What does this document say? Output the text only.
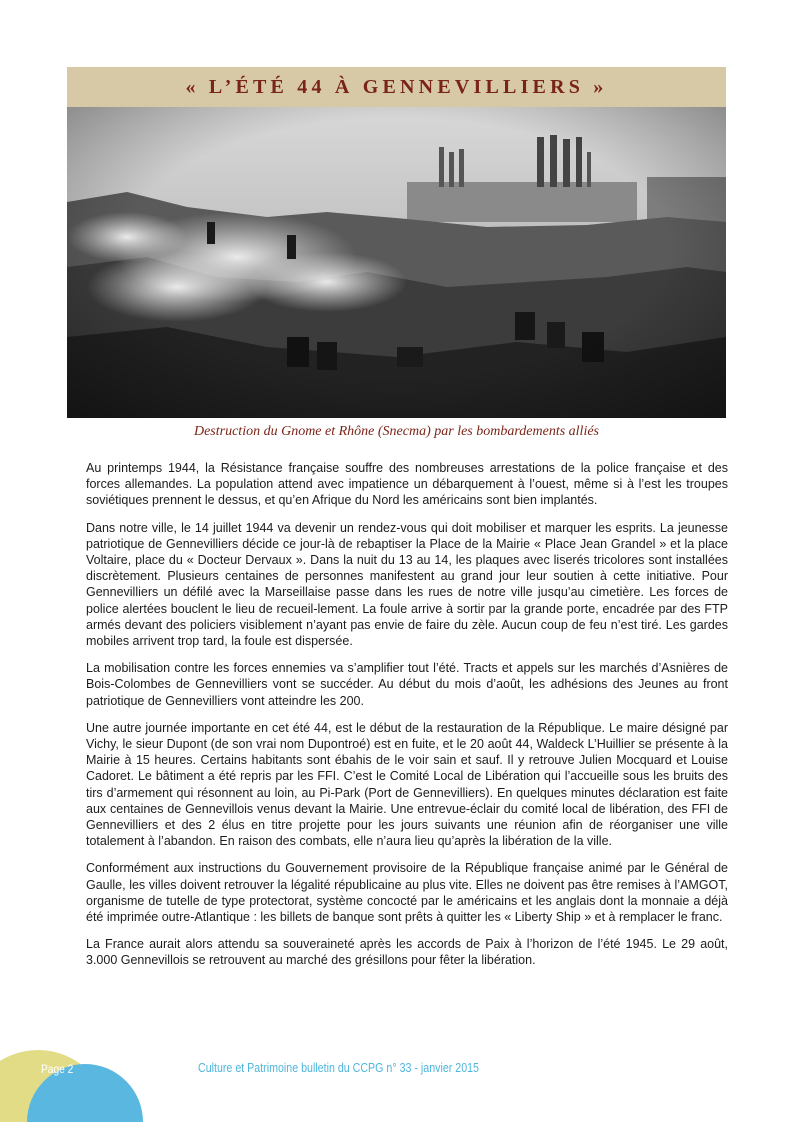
« L’ÉTÉ 44 À GENNEVILLIERS »
Destruction du Gnome et Rhône (Snecma) par les bombardements alliés

Au printemps 1944, la Résistance française souffre des nombreuses arrestations de la police française et des forces allemandes. La population attend avec impatience un débarquement à l’ouest, même si à l’est les troupes soviétiques prennent le dessus, et qu’en Afrique du Nord les américains sont bien implantés.

Dans notre ville, le 14 juillet 1944 va devenir un rendez-vous qui doit mobiliser et marquer les esprits. La jeunesse patriotique de Gennevilliers décide ce jour-là de rebaptiser la Place de la Mairie « Place Jean Grandel » et la place Voltaire, place du « Docteur Dervaux ». Dans la nuit du 13 au 14, les plaques avec liserés tricolores sont installées discrètement. Plusieurs centaines de personnes manifestent au grand jour leur soutien à cette initiative. Pour Gennevilliers un défilé avec la Marseillaise passe dans les rues de notre ville jusqu’au cimetière. Les forces de police alertées bouclent le lieu de recueil-lement. La foule arrive à sortir par la grande porte, encadrée par des FTP armés devant des policiers visiblement n’ayant pas envie de faire du zèle. Aucun coup de feu n’est tiré. Les gardes mobiles arrivent trop tard, la foule est dispersée.

La mobilisation contre les forces ennemies va s’amplifier tout l’été. Tracts et appels sur les marchés d’Asnières de Bois-Colombes de Gennevilliers vont se succéder. Au début du mois d’août, les adhésions des Jeunes au front patriotique de Gennevilliers vont atteindre les 200.

Une autre journée importante en cet été 44, est le début de la restauration de la République. Le maire désigné par Vichy, le sieur Dupont (de son vrai nom Dupontroé) est en fuite, et le 20 août 44, Waldeck L’Huillier se présente à la Mairie à 15 heures. Certains habitants sont ébahis de le voir sain et sauf. Il y retrouve Julien Mocquard et Louise Cadoret. Le bâtiment a été repris par les FFI. C’est le Comité Local de Libération qui l’accueille sous les bruits des tirs d’armement qui résonnent au loin, au Pi-Park (Port de Gennevilliers). En quelques minutes déclaration est faite aux centaines de Gennevillois venus devant la Mairie. Une entrevue-éclair du comité local de libération, des FFI de Gennevilliers et des 2 élus en titre projette pour les jours suivants une réunion afin de réorganiser une ville totalement à l’abandon. En raison des combats, elle n’aura lieu qu’après la libération de la ville.

Conformément aux instructions du Gouvernement provisoire de la République française animé par le Général de Gaulle, les villes doivent retrouver la légalité républicaine au plus vite. Elles ne doivent pas être remises à l’AMGOT, organisme de tutelle de type protectorat, système concocté par le américains et les anglais dont la monnaie a déjà été imprimée outre-Atlantique : les billets de banque sont prêts à quitter les « Liberty Ship » et à remplacer le franc.

La France aurait alors attendu sa souveraineté après les accords de Paix à l’horizon de l’été 1945. Le 29 août, 3.000 Gennevillois se retrouvent au marché des grésillons pour fêter la libération.

Page 2	Culture et Patrimoine bulletin du CCPG n° 33 - janvier 2015
